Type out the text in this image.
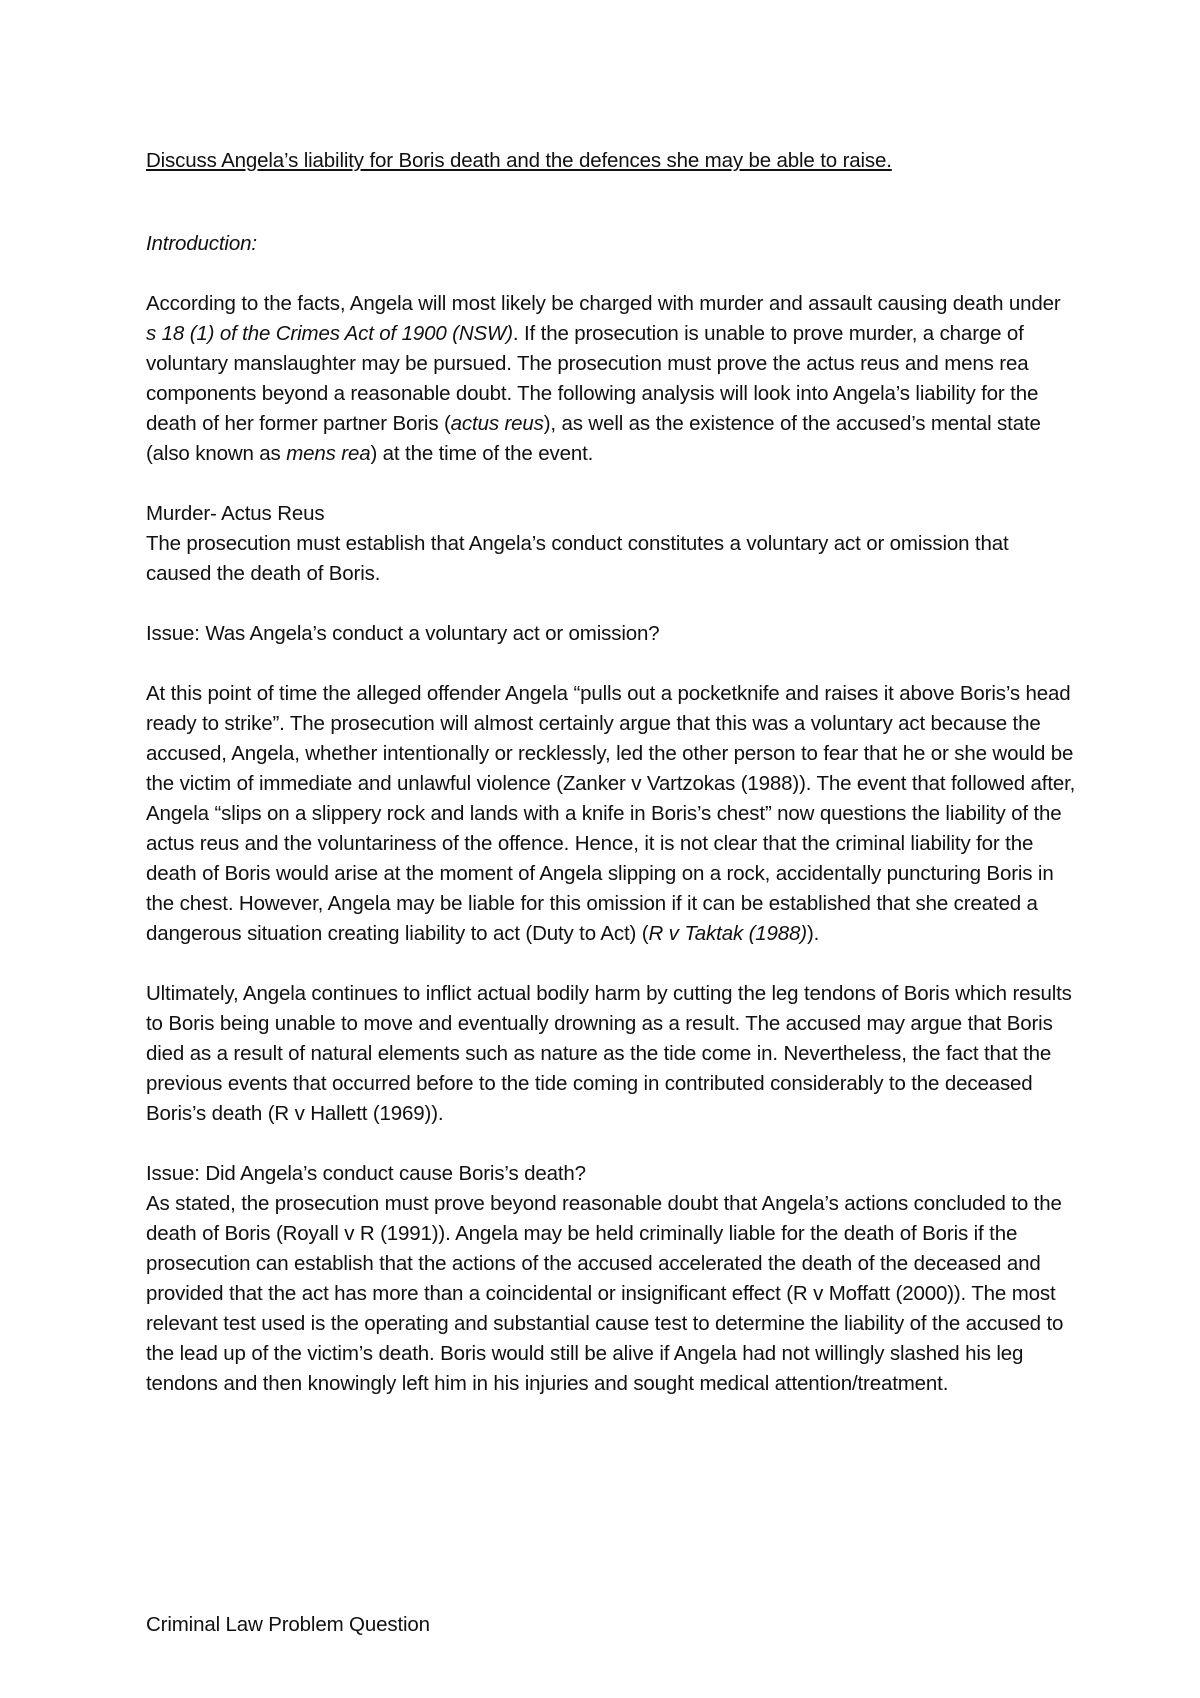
Discuss Angela’s liability for Boris death and the defences she may be able to raise.

Introduction:

According to the facts, Angela will most likely be charged with murder and assault causing death under s 18 (1) of the Crimes Act of 1900 (NSW). If the prosecution is unable to prove murder, a charge of voluntary manslaughter may be pursued. The prosecution must prove the actus reus and mens rea components beyond a reasonable doubt. The following analysis will look into Angela’s liability for the death of her former partner Boris (actus reus), as well as the existence of the accused’s mental state (also known as mens rea) at the time of the event.

Murder- Actus Reus

The prosecution must establish that Angela’s conduct constitutes a voluntary act or omission that caused the death of Boris.

Issue: Was Angela’s conduct a voluntary act or omission?

At this point of time the alleged offender Angela “pulls out a pocketknife and raises it above Boris’s head ready to strike”. The prosecution will almost certainly argue that this was a voluntary act because the accused, Angela, whether intentionally or recklessly, led the other person to fear that he or she would be the victim of immediate and unlawful violence (Zanker v Vartzokas (1988)). The event that followed after, Angela “slips on a slippery rock and lands with a knife in Boris’s chest” now questions the liability of the actus reus and the voluntariness of the offence. Hence, it is not clear that the criminal liability for the death of Boris would arise at the moment of Angela slipping on a rock, accidentally puncturing Boris in the chest. However, Angela may be liable for this omission if it can be established that she created a dangerous situation creating liability to act (Duty to Act) (R v Taktak (1988)).

Ultimately, Angela continues to inflict actual bodily harm by cutting the leg tendons of Boris which results to Boris being unable to move and eventually drowning as a result. The accused may argue that Boris died as a result of natural elements such as nature as the tide come in. Nevertheless, the fact that the previous events that occurred before to the tide coming in contributed considerably to the deceased Boris’s death (R v Hallett (1969)).

Issue: Did Angela’s conduct cause Boris’s death?

As stated, the prosecution must prove beyond reasonable doubt that Angela’s actions concluded to the death of Boris (Royall v R (1991)). Angela may be held criminally liable for the death of Boris if the prosecution can establish that the actions of the accused accelerated the death of the deceased and provided that the act has more than a coincidental or insignificant effect (R v Moffatt (2000)). The most relevant test used is the operating and substantial cause test to determine the liability of the accused to the lead up of the victim’s death. Boris would still be alive if Angela had not willingly slashed his leg tendons and then knowingly left him in his injuries and sought medical attention/treatment.

Criminal Law Problem Question
